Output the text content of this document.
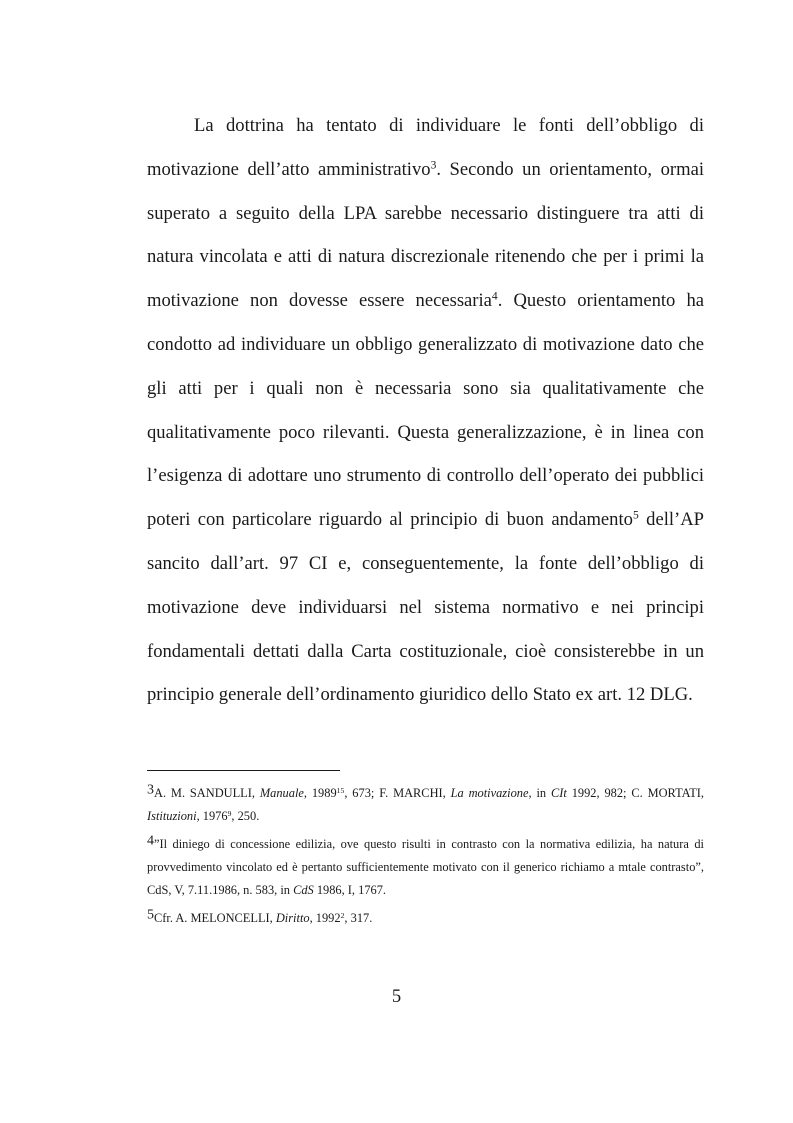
La dottrina ha tentato di individuare le fonti dell’obbligo di motivazione dell’atto amministrativo$^3$. Secondo un orientamento, ormai superato a seguito della LPA sarebbe necessario distinguere tra atti di natura vincolata e atti di natura discrezionale ritenendo che per i primi la motivazione non dovesse essere necessaria$^4$. Questo orientamento ha condotto ad individuare un obbligo generalizzato di motivazione dato che gli atti per i quali non è necessaria sono sia qualitativamente che qualitativamente poco rilevanti. Questa generalizzazione, è in linea con l’esigenza di adottare uno strumento di controllo dell’operato dei pubblici poteri con particolare riguardo al principio di buon andamento$^5$ dell’AP sancito dall’art. 97 CI e, conseguentemente, la fonte dell’obbligo di motivazione deve individuarsi nel sistema normativo e nei principi fondamentali dettati dalla Carta costituzionale, cioè consisterebbe in un principio generale dell’ordinamento giuridico dello Stato ex art. 12 DLG.

3A. M. SANDULLI, Manuale, 1989$^{15}$, 673; F. MARCHI, La motivazione, in CIt 1992, 982; C. MORTATI, Istituzioni, 1976$^9$, 250.

4”Il diniego di concessione edilizia, ove questo risulti in contrasto con la normativa edilizia, ha natura di provvedimento vincolato ed è pertanto sufficientemente motivato con il generico richiamo a mtale contrasto”, CdS, V, 7.11.1986, n. 583, in CdS 1986, I, 1767.

5Cfr. A. MELONCELLI, Diritto, 1992$^2$, 317.

5
